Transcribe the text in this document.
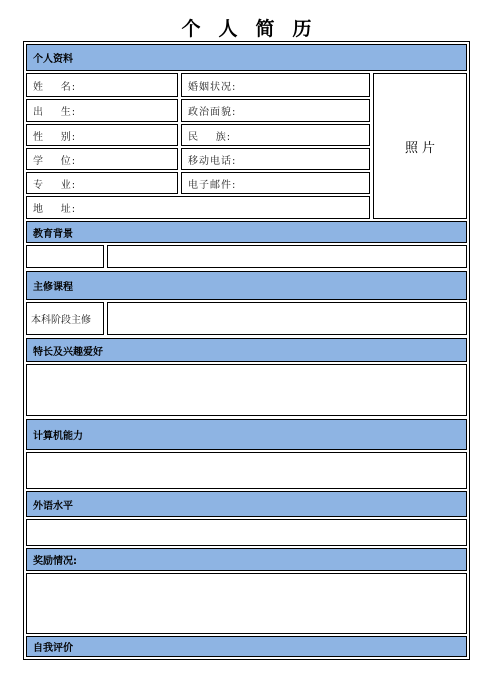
个人简历
个人资料
姓    名:	婚姻状况:
出    生:	政治面貌:
性    别:	民    族:
学    位:	移动电话:
专    业:	电子邮件:
地    址:
照片
教育背景
主修课程
本科阶段主修
特长及兴趣爱好
计算机能力
外语水平
奖励情况:
自我评价
